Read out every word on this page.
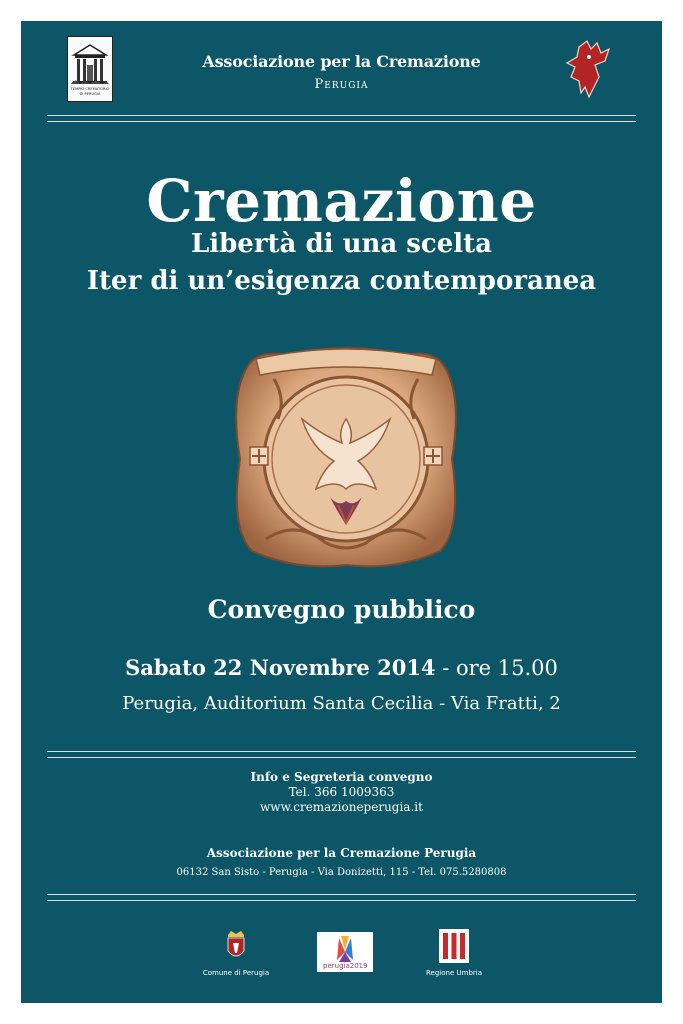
TEMPIO CREMATORIO DI PERUGIA
Associazione per la Cremazione
Perugia
Cremazione
Libertà di una scelta
Iter di un’esigenza contemporanea
Convegno pubblico
Sabato 22 Novembre 2014 - ore 15.00
Perugia, Auditorium Santa Cecilia - Via Fratti, 2
Info e Segreteria convegno
Tel. 366 1009363
www.cremazioneperugia.it
Associazione per la Cremazione Perugia
06132 San Sisto - Perugia - Via Donizetti, 115 - Tel. 075.5280808
Comune di Perugia
perugia2019
Regione Umbria
